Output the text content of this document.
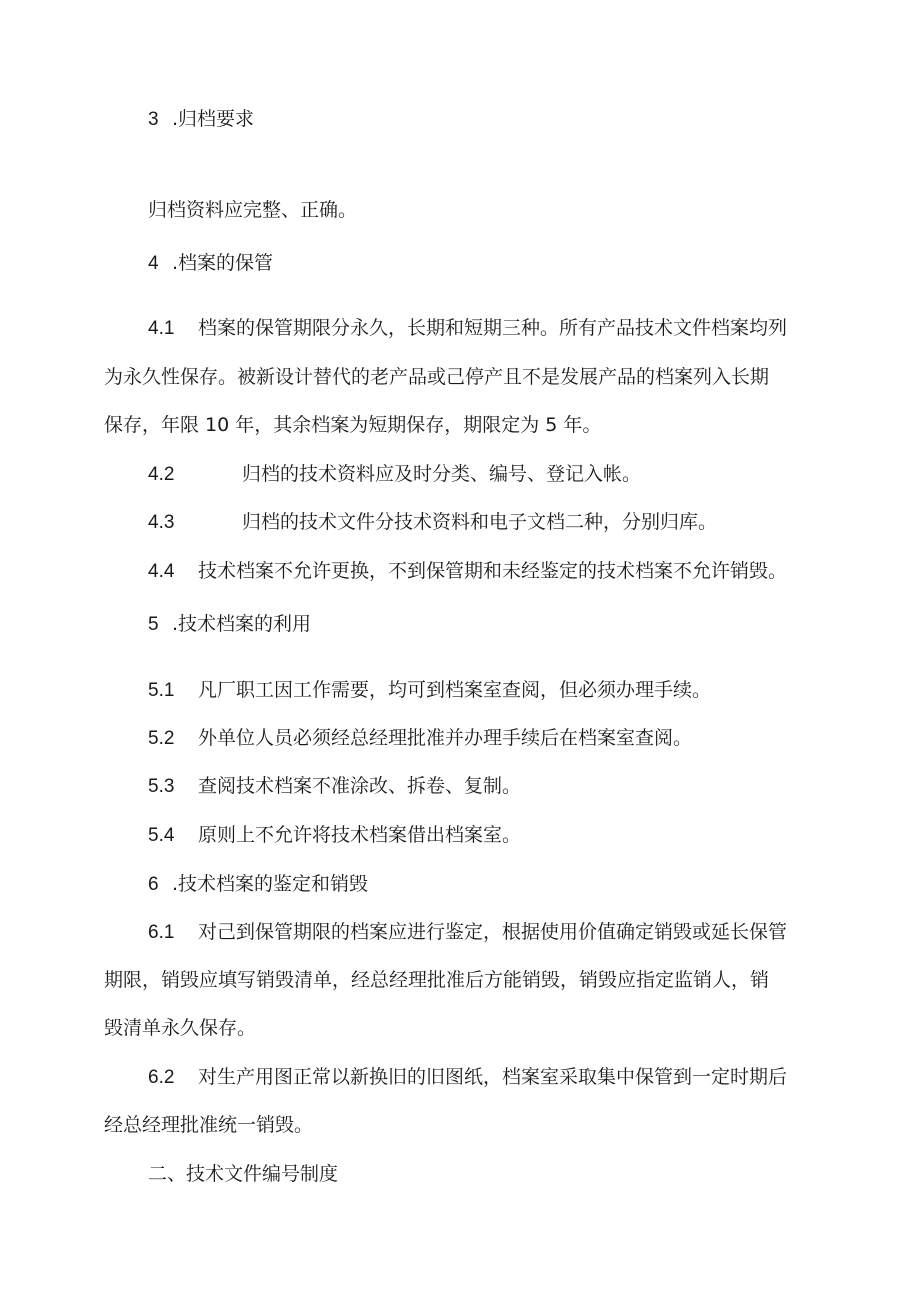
3 .归档要求
归档资料应完整、正确。
4 .档案的保管
4.1 档案的保管期限分永久，长期和短期三种。所有产品技术文件档案均列
为永久性保存。被新设计替代的老产品或己停产且不是发展产品的档案列入长期
保存，年限 10 年，其余档案为短期保存，期限定为 5 年。
4.2	归档的技术资料应及时分类、编号、登记入帐。
4.3	归档的技术文件分技术资料和电子文档二种，分别归库。
4.4 技术档案不允许更换，不到保管期和未经鉴定的技术档案不允许销毁。
5 .技术档案的利用
5.1 凡厂职工因工作需要，均可到档案室查阅，但必须办理手续。
5.2 外单位人员必须经总经理批准并办理手续后在档案室查阅。
5.3 查阅技术档案不准涂改、拆卷、复制。
5.4 原则上不允许将技术档案借出档案室。
6 .技术档案的鉴定和销毁
6.1 对己到保管期限的档案应进行鉴定，根据使用价值确定销毁或延长保管
期限，销毁应填写销毁清单，经总经理批准后方能销毁，销毁应指定监销人，销
毁清单永久保存。
6.2 对生产用图正常以新换旧的旧图纸，档案室采取集中保管到一定时期后
经总经理批准统一销毁。
二、技术文件编号制度
